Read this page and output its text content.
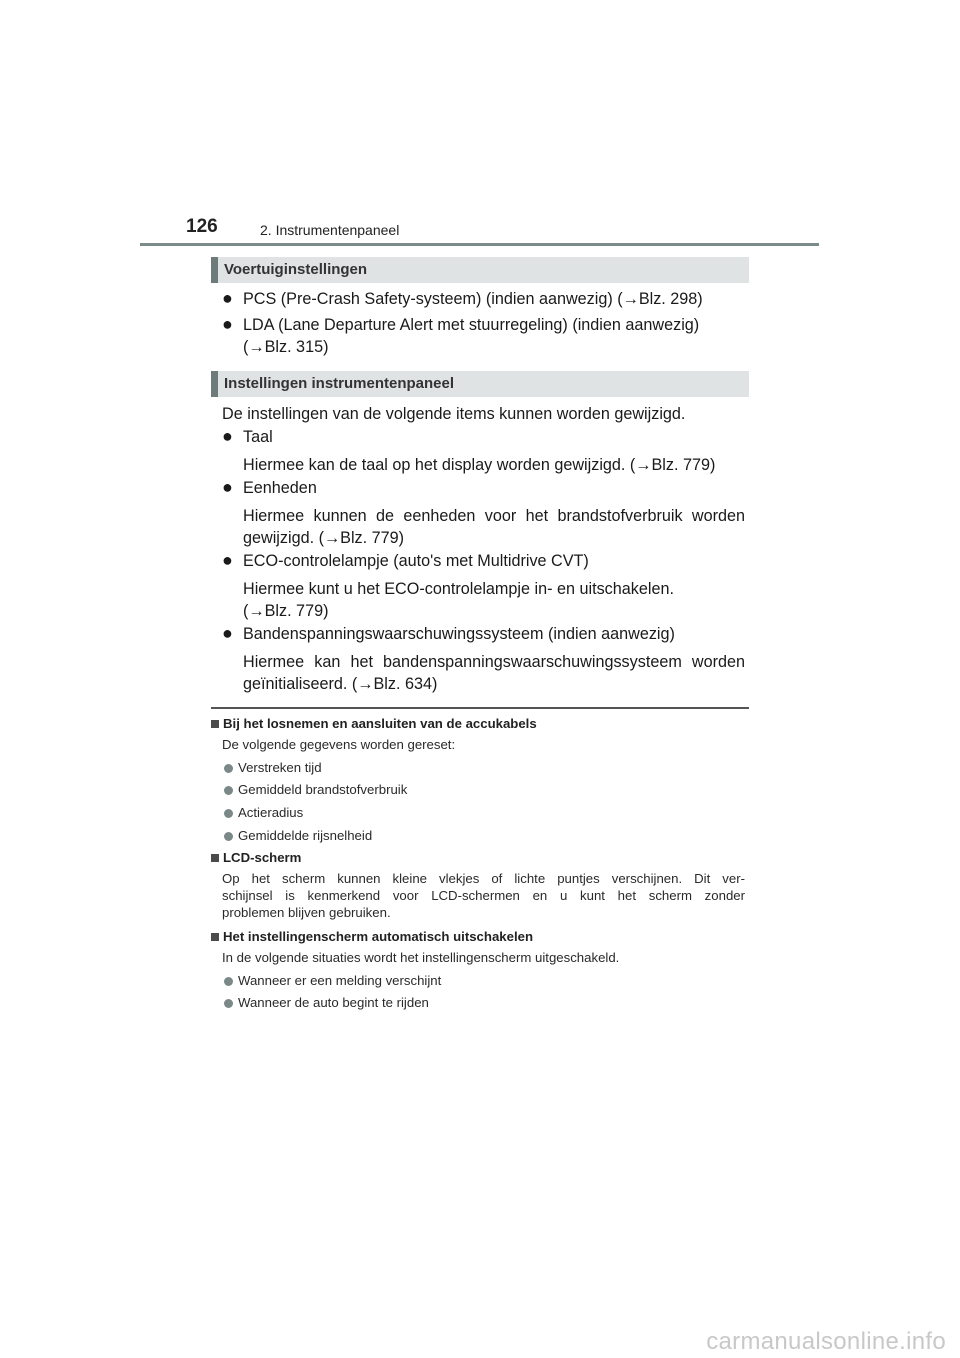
126	2. Instrumentenpaneel
Voertuiginstellingen
● PCS (Pre-Crash Safety-systeem) (indien aanwezig) (→Blz. 298)
● LDA (Lane Departure Alert met stuurregeling) (indien aanwezig)
(→Blz. 315)
Instellingen instrumentenpaneel
De instellingen van de volgende items kunnen worden gewijzigd.
● Taal
Hiermee kan de taal op het display worden gewijzigd. (→Blz. 779)
● Eenheden
Hiermee kunnen de eenheden voor het brandstofverbruik worden
gewijzigd. (→Blz. 779)
● ECO-controlelampje (auto's met Multidrive CVT)
Hiermee kunt u het ECO-controlelampje in- en uitschakelen.
(→Blz. 779)
● Bandenspanningswaarschuwingssysteem (indien aanwezig)
Hiermee kan het bandenspanningswaarschuwingssysteem worden
geïnitialiseerd. (→Blz. 634)
Bij het losnemen en aansluiten van de accukabels
De volgende gegevens worden gereset:
Verstreken tijd
Gemiddeld brandstofverbruik
Actieradius
Gemiddelde rijsnelheid
LCD-scherm
Op het scherm kunnen kleine vlekjes of lichte puntjes verschijnen. Dit ver-
schijnsel is kenmerkend voor LCD-schermen en u kunt het scherm zonder
problemen blijven gebruiken.
Het instellingenscherm automatisch uitschakelen
In de volgende situaties wordt het instellingenscherm uitgeschakeld.
Wanneer er een melding verschijnt
Wanneer de auto begint te rijden
carmanualsonline.info
